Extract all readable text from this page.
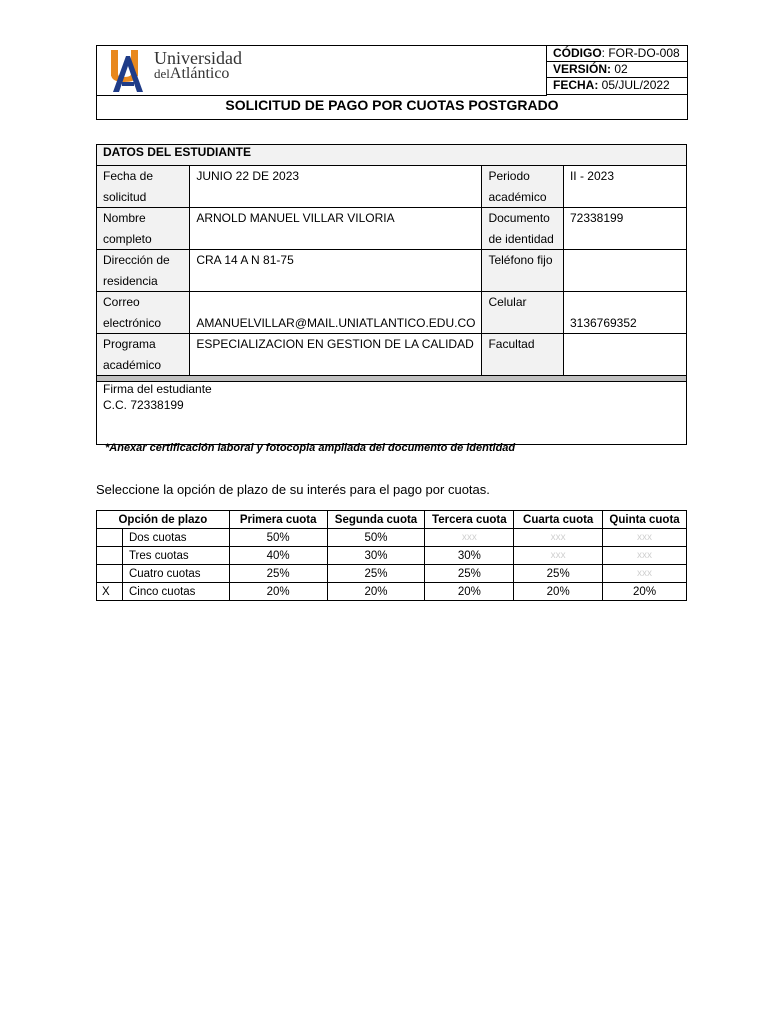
Universidad
delAtlántico
CÓDIGO: FOR-DO-008
VERSIÓN: 02
FECHA: 05/JUL/2022
SOLICITUD DE PAGO POR CUOTAS POSTGRADO
DATOS DEL ESTUDIANTE			
Fecha de solicitud	JUNIO 22 DE 2023	Periodo académico	II - 2023
Nombre completo	ARNOLD MANUEL VILLAR VILORIA	Documento de identidad	72338199
Dirección de residencia	CRA 14 A N 81-75	Teléfono fijo	
Correo electrónico	AMANUELVILLAR@MAIL.UNIATLANTICO.EDU.CO	Celular	3136769352
Programa académico	ESPECIALIZACION EN GESTION DE LA CALIDAD	Facultad	

Firma del estudiante
C.C. 72338199			
*Anexar certificación laboral y fotocopia ampliada del documento de identidad
Seleccione la opción de plazo de su interés para el pago por cuotas.
Opción de plazo		Primera cuota	Segunda cuota	Tercera cuota	Cuarta cuota	Quinta cuota
	Dos cuotas	50%	50%	xxx	xxx	xxx
	Tres cuotas	40%	30%	30%	xxx	xxx
	Cuatro cuotas	25%	25%	25%	25%	xxx
X	Cinco cuotas	20%	20%	20%	20%	20%
